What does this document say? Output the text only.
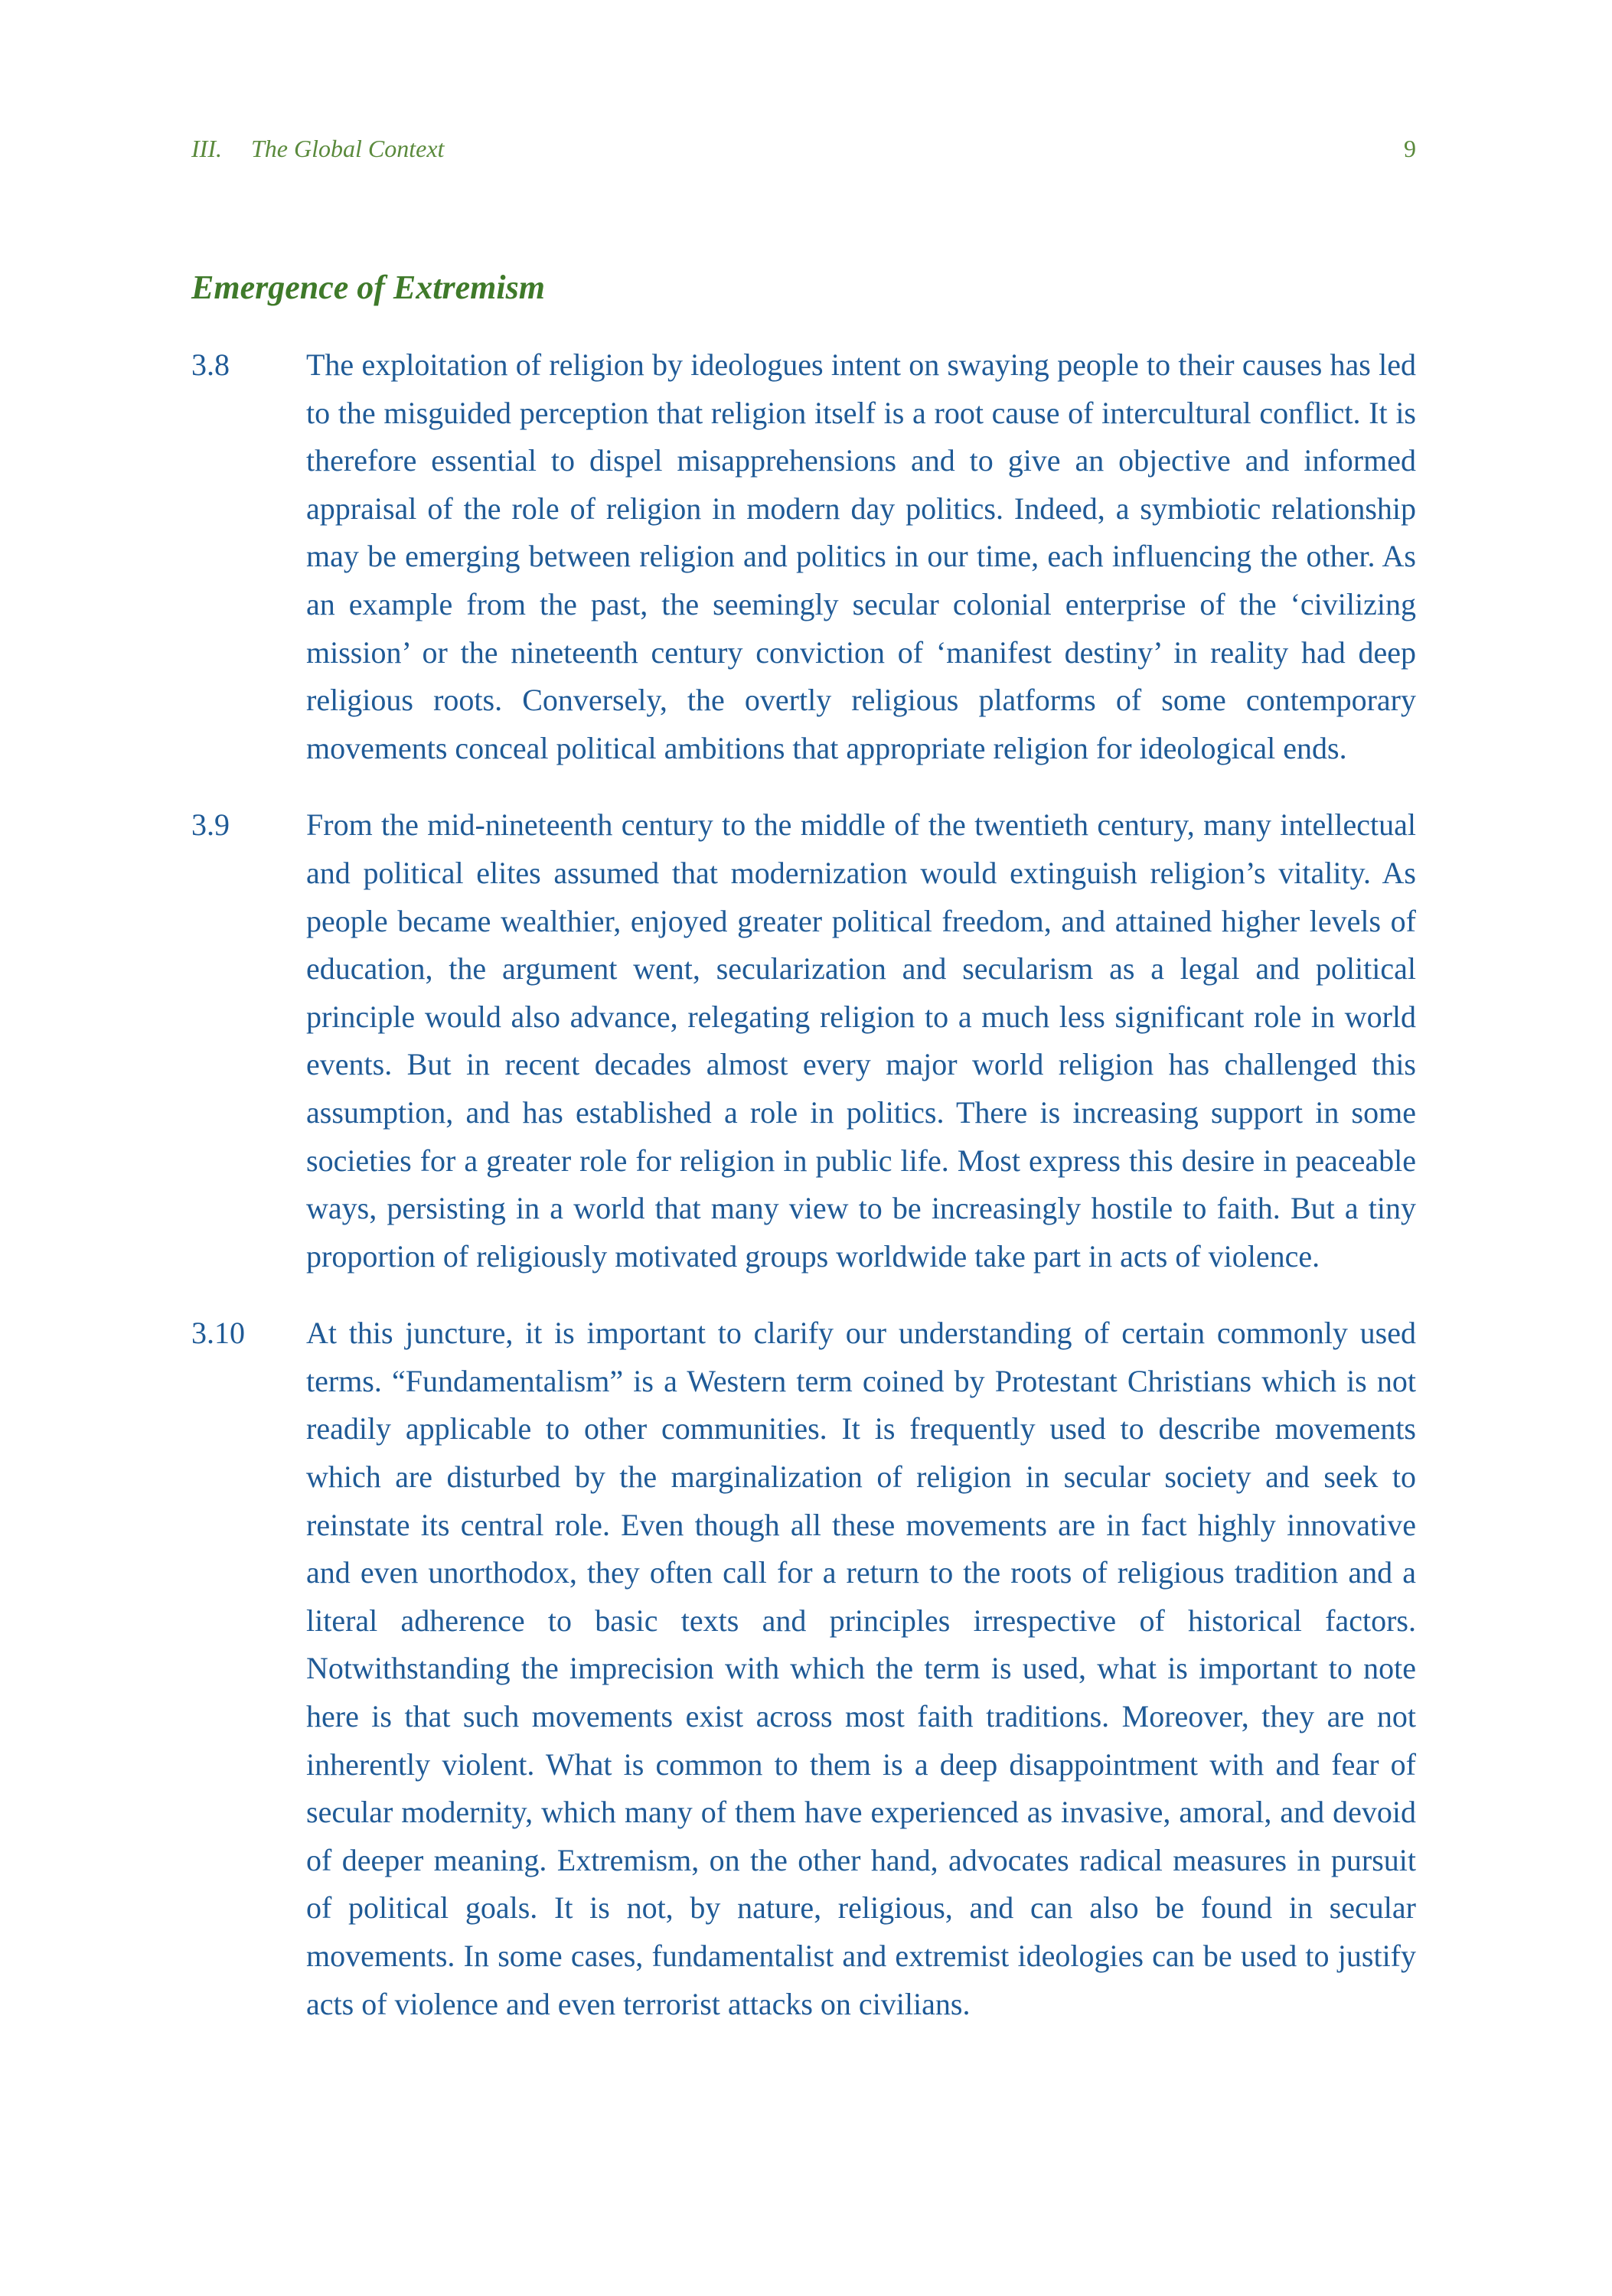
III. The Global Context	9
Emergence of Extremism
3.8	The exploitation of religion by ideologues intent on swaying people to their causes has led to the misguided perception that religion itself is a root cause of intercultural conflict. It is therefore essential to dispel misapprehensions and to give an objective and informed appraisal of the role of religion in modern day politics. Indeed, a symbiotic relationship may be emerging between religion and politics in our time, each influencing the other. As an example from the past, the seemingly secular colonial enterprise of the ‘civilizing mission’ or the nineteenth century conviction of ‘manifest destiny’ in reality had deep religious roots. Conversely, the overtly religious platforms of some contemporary movements conceal political ambitions that appropriate religion for ideological ends.
3.9	From the mid-nineteenth century to the middle of the twentieth century, many intellectual and political elites assumed that modernization would extinguish religion’s vitality. As people became wealthier, enjoyed greater political freedom, and attained higher levels of education, the argument went, secularization and secularism as a legal and political principle would also advance, relegating religion to a much less significant role in world events. But in recent decades almost every major world religion has challenged this assumption, and has established a role in politics. There is increasing support in some societies for a greater role for religion in public life. Most express this desire in peaceable ways, persisting in a world that many view to be increasingly hostile to faith. But a tiny proportion of religiously motivated groups worldwide take part in acts of violence.
3.10 At this juncture, it is important to clarify our understanding of certain commonly used terms. “Fundamentalism” is a Western term coined by Protestant Christians which is not readily applicable to other communities. It is frequently used to describe movements which are disturbed by the marginalization of religion in secular society and seek to reinstate its central role. Even though all these movements are in fact highly innovative and even unorthodox, they often call for a return to the roots of religious tradition and a literal adherence to basic texts and principles irrespective of historical factors. Notwithstanding the imprecision with which the term is used, what is important to note here is that such movements exist across most faith traditions. Moreover, they are not inherently violent. What is common to them is a deep disappointment with and fear of secular modernity, which many of them have experienced as invasive, amoral, and devoid of deeper meaning. Extremism, on the other hand, advocates radical measures in pursuit of political goals. It is not, by nature, religious, and can also be found in secular movements. In some cases, fundamentalist and extremist ideologies can be used to justify acts of violence and even terrorist attacks on civilians.
